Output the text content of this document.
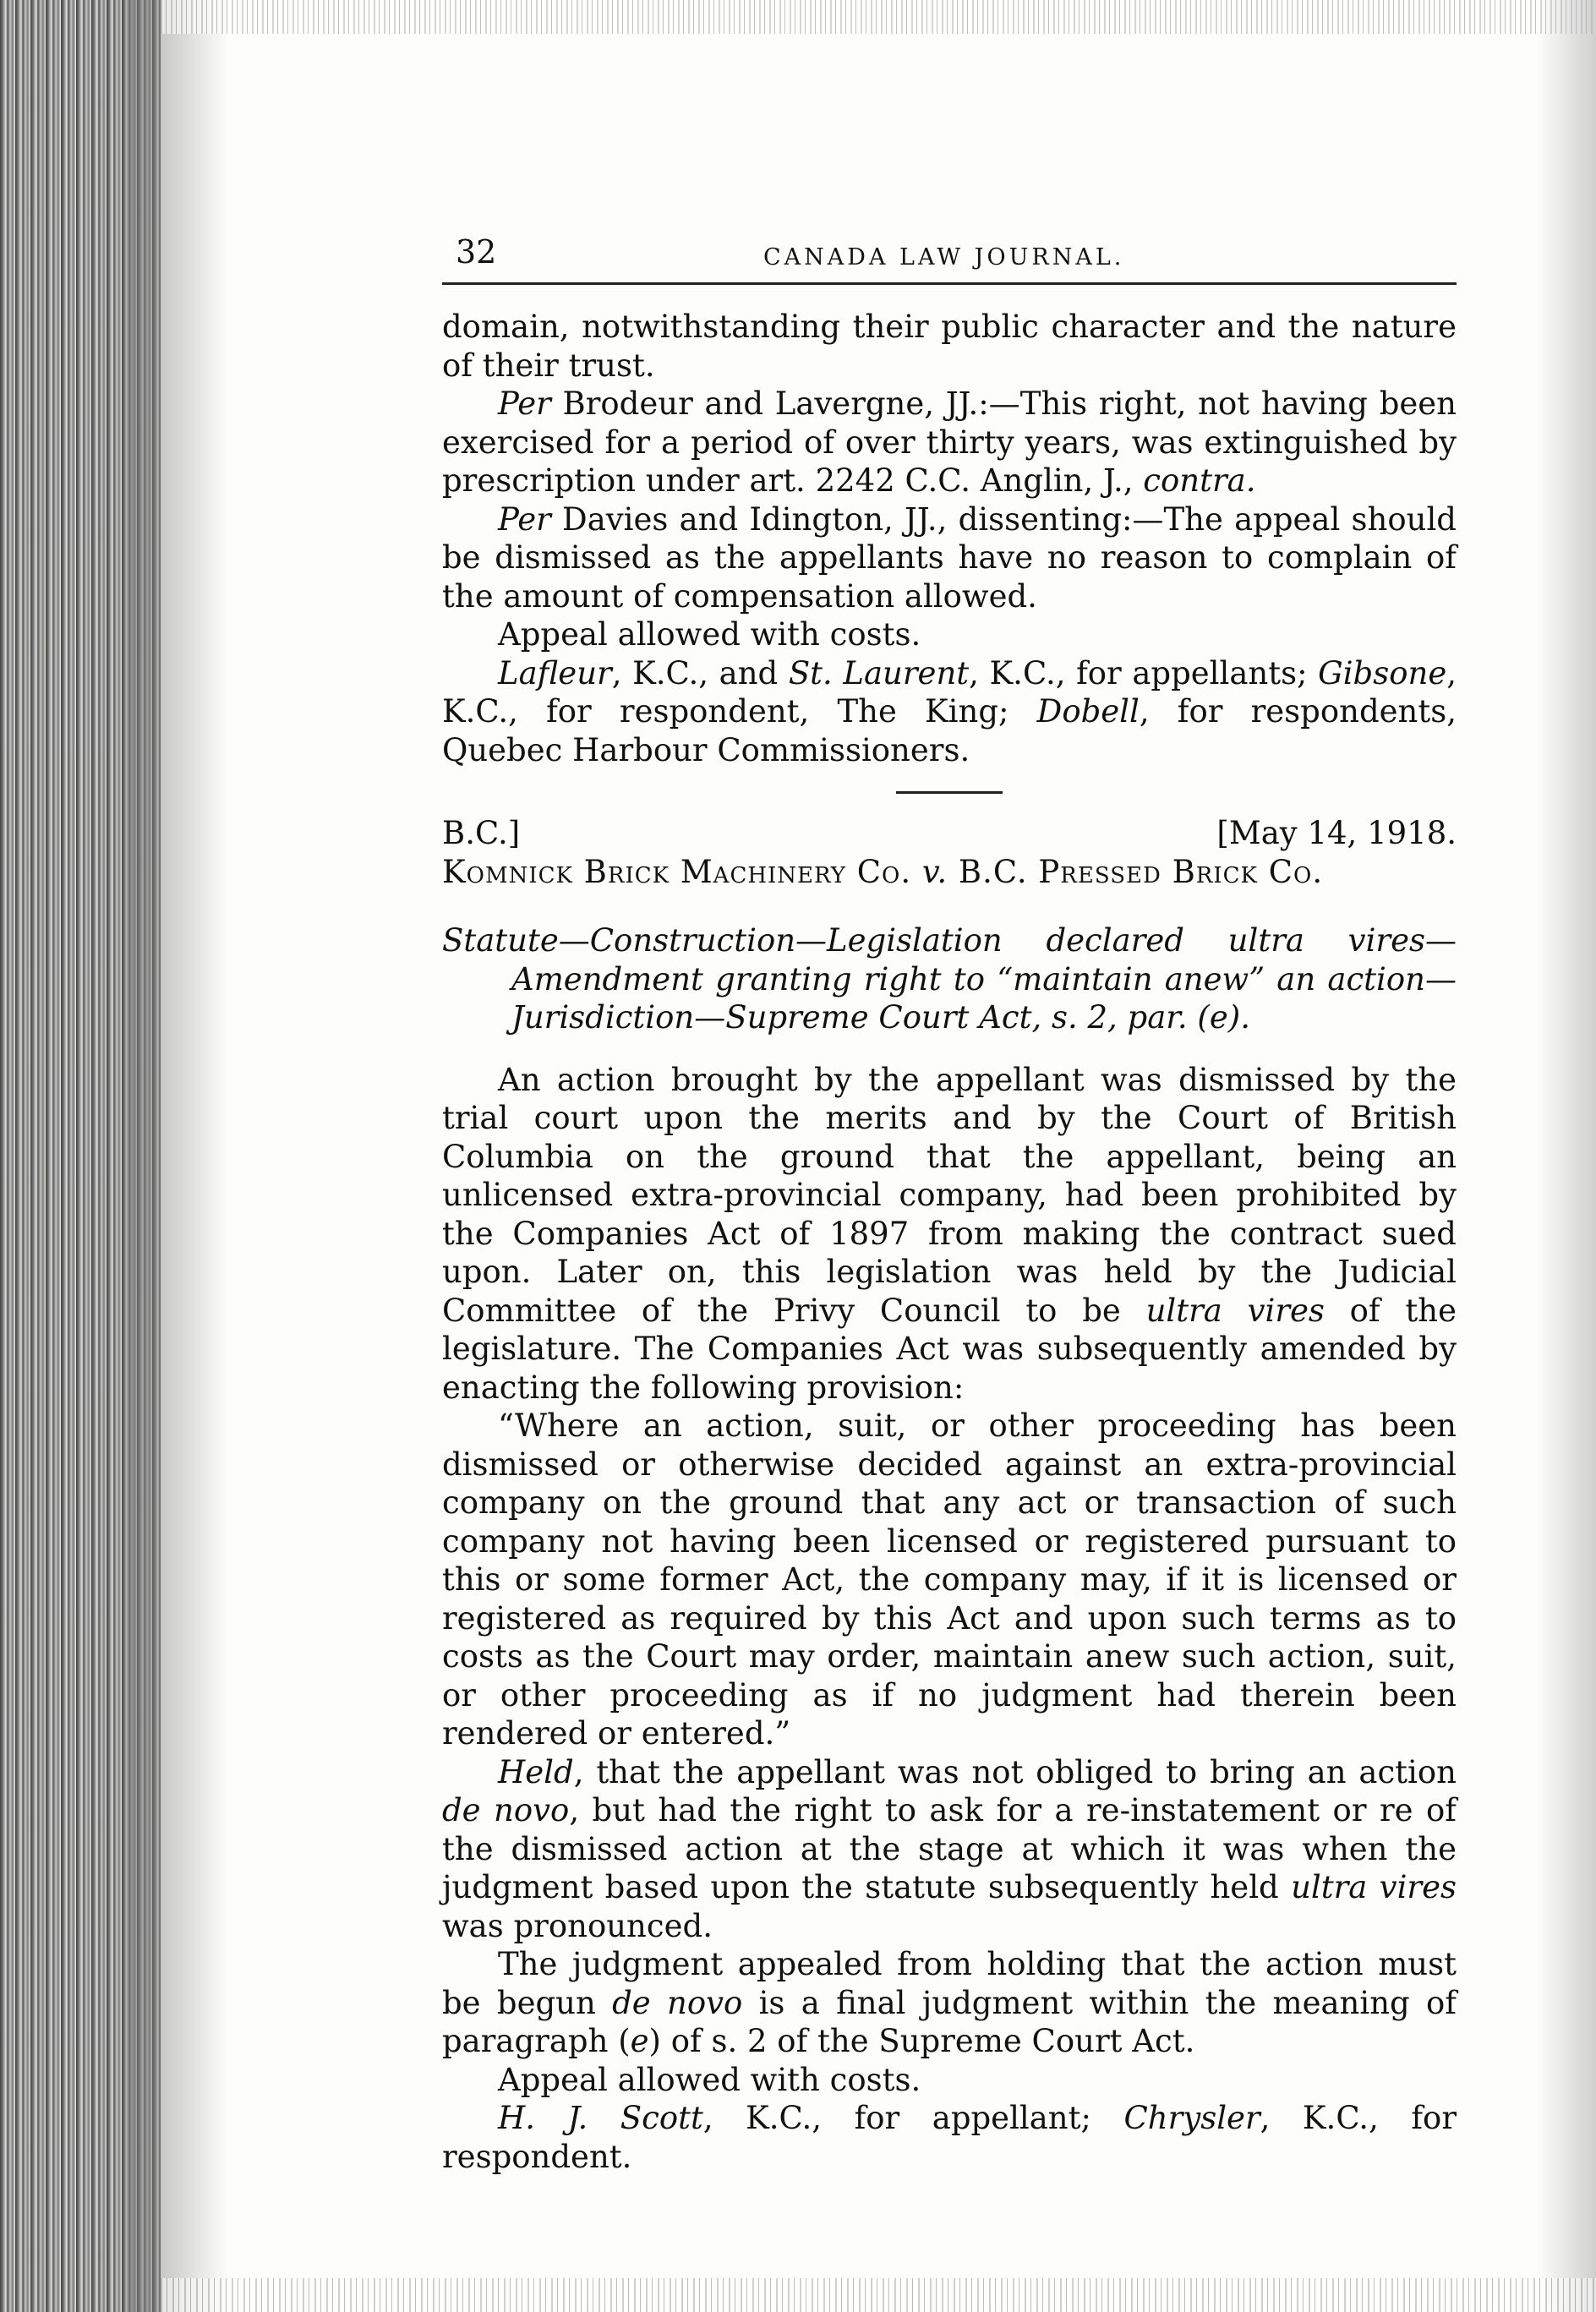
32	CANADA LAW JOURNAL.

domain, notwithstanding their public character and the nature of their trust.

Per Brodeur and Lavergne, JJ.:—This right, not having been exercised for a period of over thirty years, was extinguished by prescription under art. 2242 C.C. Anglin, J., contra.

Per Davies and Idington, JJ., dissenting:—The appeal should be dismissed as the appellants have no reason to complain of the amount of compensation allowed.

Appeal allowed with costs.

Lafleur, K.C., and St. Laurent, K.C., for appellants; Gibsone, K.C., for respondent, The King; Dobell, for respondents, Quebec Harbour Commissioners.

B.C.]	[May 14, 1918.

Komnick Brick Machinery Co. v. B.C. Pressed Brick Co.

Statute—Construction—Legislation declared ultra vires—Amendment granting right to “maintain anew” an action—Jurisdiction—Supreme Court Act, s. 2, par. (e).

An action brought by the appellant was dismissed by the trial court upon the merits and by the Court of British Columbia on the ground that the appellant, being an unlicensed extra-provincial company, had been prohibited by the Companies Act of 1897 from making the contract sued upon. Later on, this legislation was held by the Judicial Committee of the Privy Council to be ultra vires of the legislature. The Companies Act was subsequently amended by enacting the following provision:

“Where an action, suit, or other proceeding has been dismissed or otherwise decided against an extra-provincial company on the ground that any act or transaction of such company not having been licensed or registered pursuant to this or some former Act, the company may, if it is licensed or registered as required by this Act and upon such terms as to costs as the Court may order, maintain anew such action, suit, or other proceeding as if no judgment had therein been rendered or entered.”

Held, that the appellant was not obliged to bring an action de novo, but had the right to ask for a re-instatement or re of the dismissed action at the stage at which it was when the judgment based upon the statute subsequently held ultra vires was pronounced.

The judgment appealed from holding that the action must be begun de novo is a final judgment within the meaning of paragraph (e) of s. 2 of the Supreme Court Act.

Appeal allowed with costs.

H. J. Scott, K.C., for appellant; Chrysler, K.C., for respondent.
